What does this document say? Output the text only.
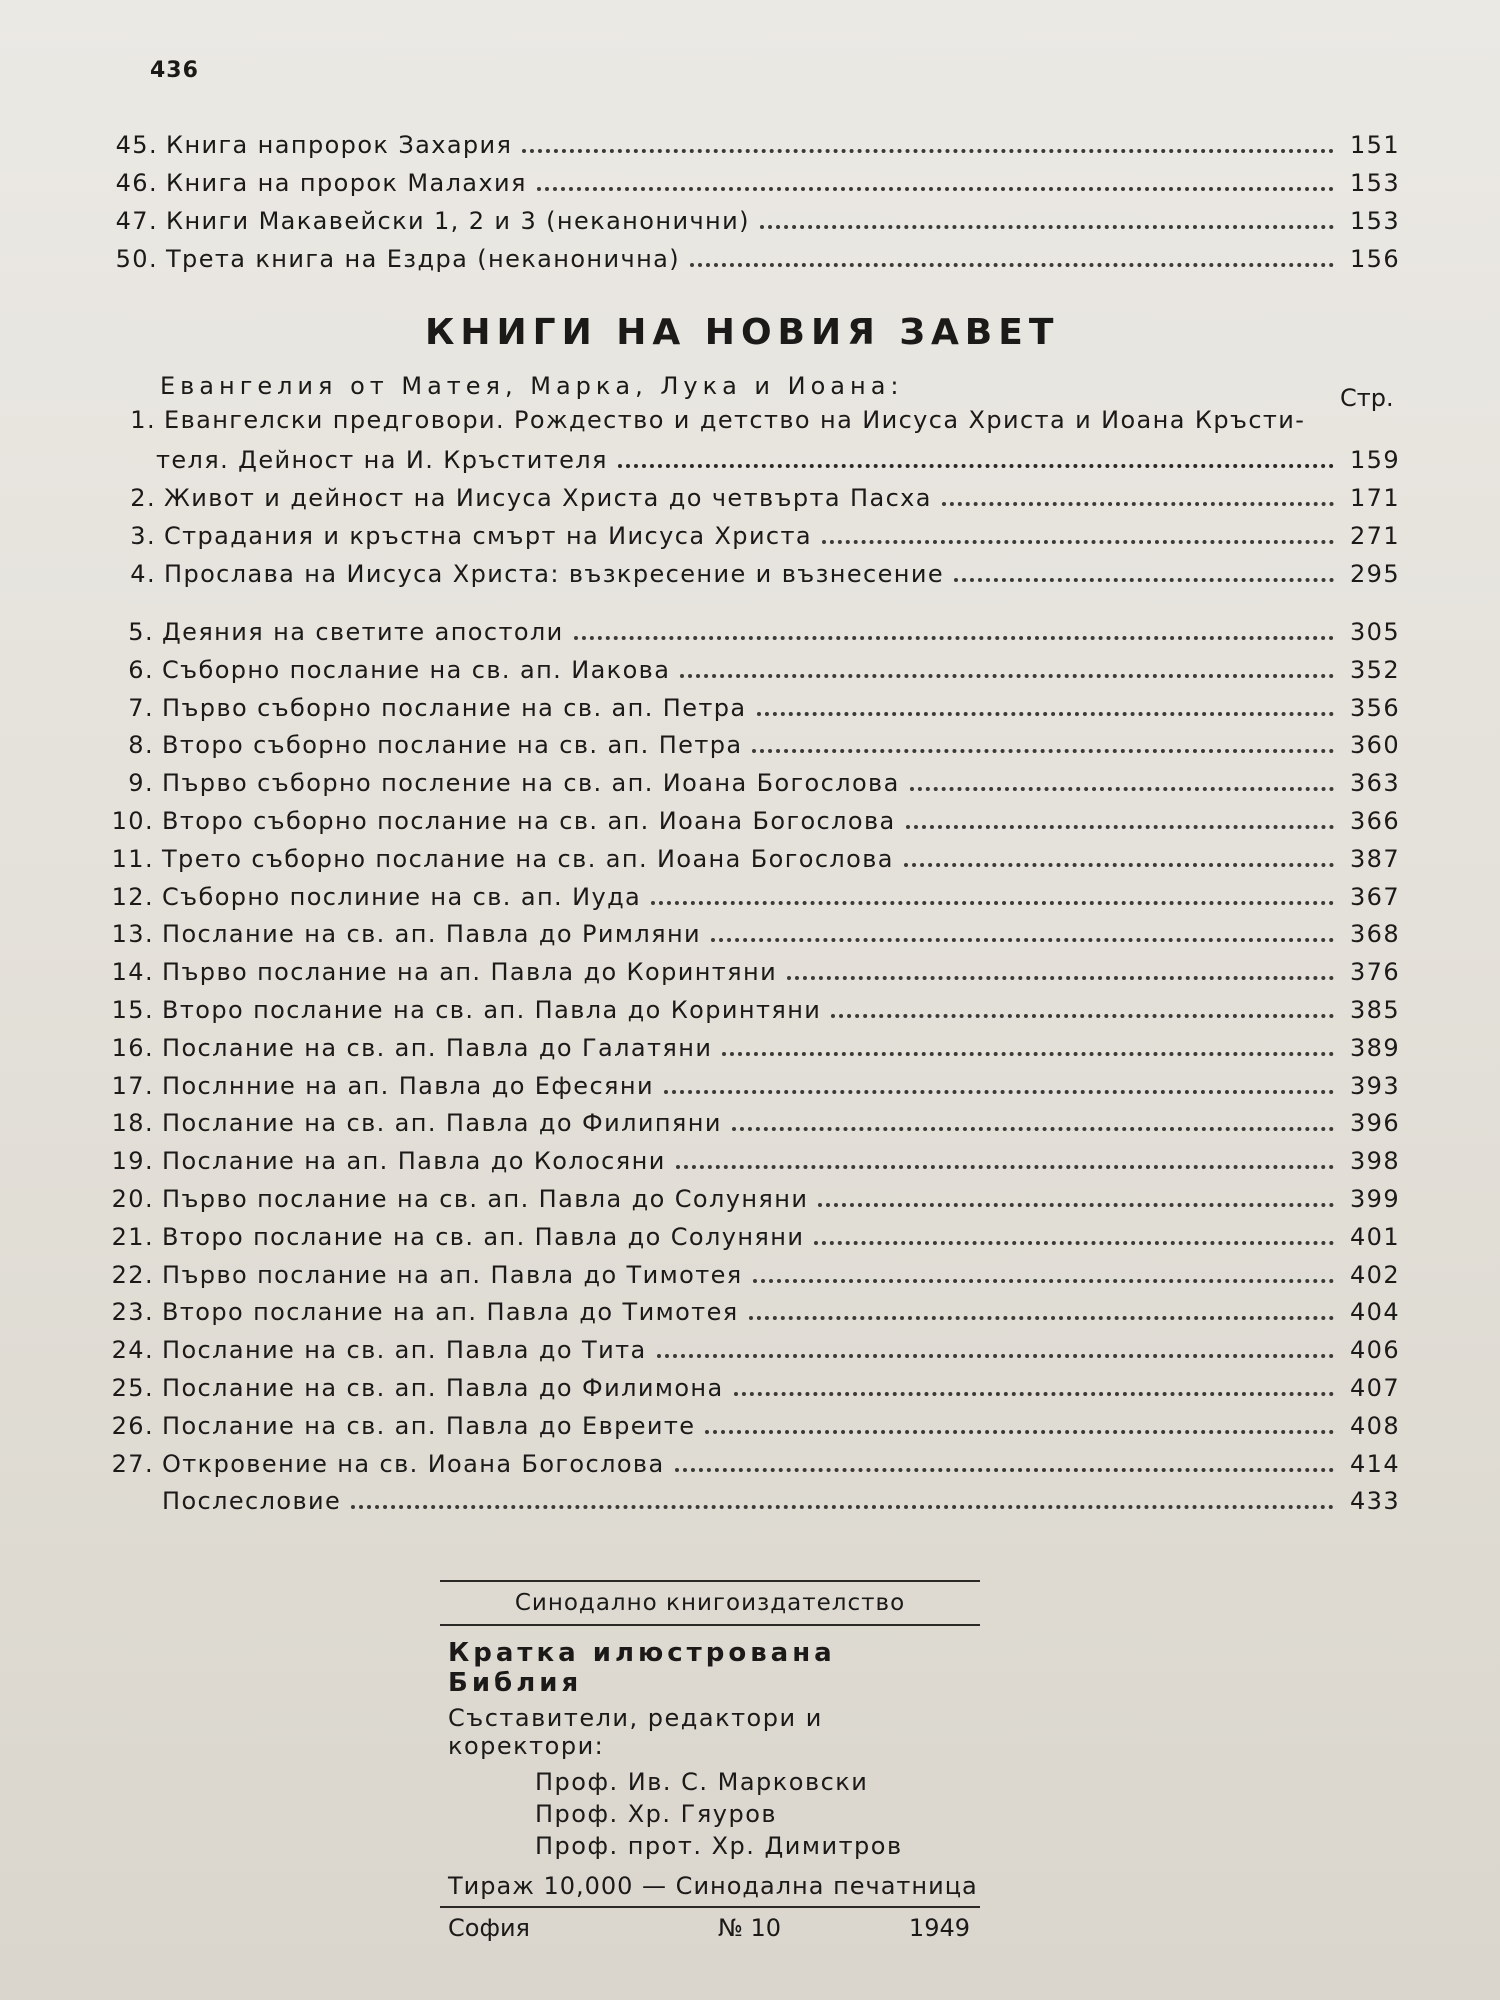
436
45. Книга напророк Захария	151
46. Книга на пророк Малахия	153
47. Книги Макавейски 1, 2 и 3 (неканонични)	153
50. Трета книга на Ездра (неканонична)	156
КНИГИ НА НОВИЯ ЗАВЕТ
Евангелия от Матея, Марка, Лука и Иоана:	Стр.
1. Евангелски предговори. Рождество и детство на Иисуса Христа и Иоана Кръсти-
теля. Дейност на И. Кръстителя	159
2. Живот и дейност на Иисуса Христа до четвърта Пасха	171
3. Страдания и кръстна смърт на Иисуса Христа	271
4. Прослава на Иисуса Христа: възкресение и възнесение	295
5. Деяния на светите апостоли	305
6. Съборно послание на св. ап. Иакова	352
7. Първо съборно послание на св. ап. Петра	356
8. Второ съборно послание на св. ап. Петра	360
9. Първо съборно послeние на св. ап. Иоана Богослова	363
10. Второ съборно послание на св. ап. Иоана Богослова	366
11. Трето съборно послание на св. ап. Иоана Богослова	387
12. Съборно послиние на св. ап. Иуда	367
13. Послание на св. ап. Павла до Римляни	368
14. Първо послание на ап. Павла до Коринтяни	376
15. Второ послание на св. ап. Павла до Коринтяни	385
16. Послание на св. ап. Павла до Галатяни	389
17. Послнние на ап. Павла до Ефесяни	393
18. Послание на св. ап. Павла до Филипяни	396
19. Послание на ап. Павла до Колосяни	398
20. Първо послание на св. ап. Павла до Солуняни	399
21. Второ послание на св. ап. Павла до Солуняни	401
22. Първо послание на ап. Павла до Тимотея	402
23. Второ послание на ап. Павла до Тимотея	404
24. Послание на св. ап. Павла до Тита	406
25. Послание на св. ап. Павла до Филимона	407
26. Послание на св. ап. Павла до Евреите	408
27. Откровение на св. Иоана Богослова	414
Послесловие	433
Синодално книгоиздателство
Кратка илюстрована Библия
Съставители, редактори и коректори:
Проф. Ив. С. Марковски
Проф. Хр. Гяуров
Проф. прот. Хр. Димитров
Тираж 10,000 — Синодална печатница
София	№ 10	1949
